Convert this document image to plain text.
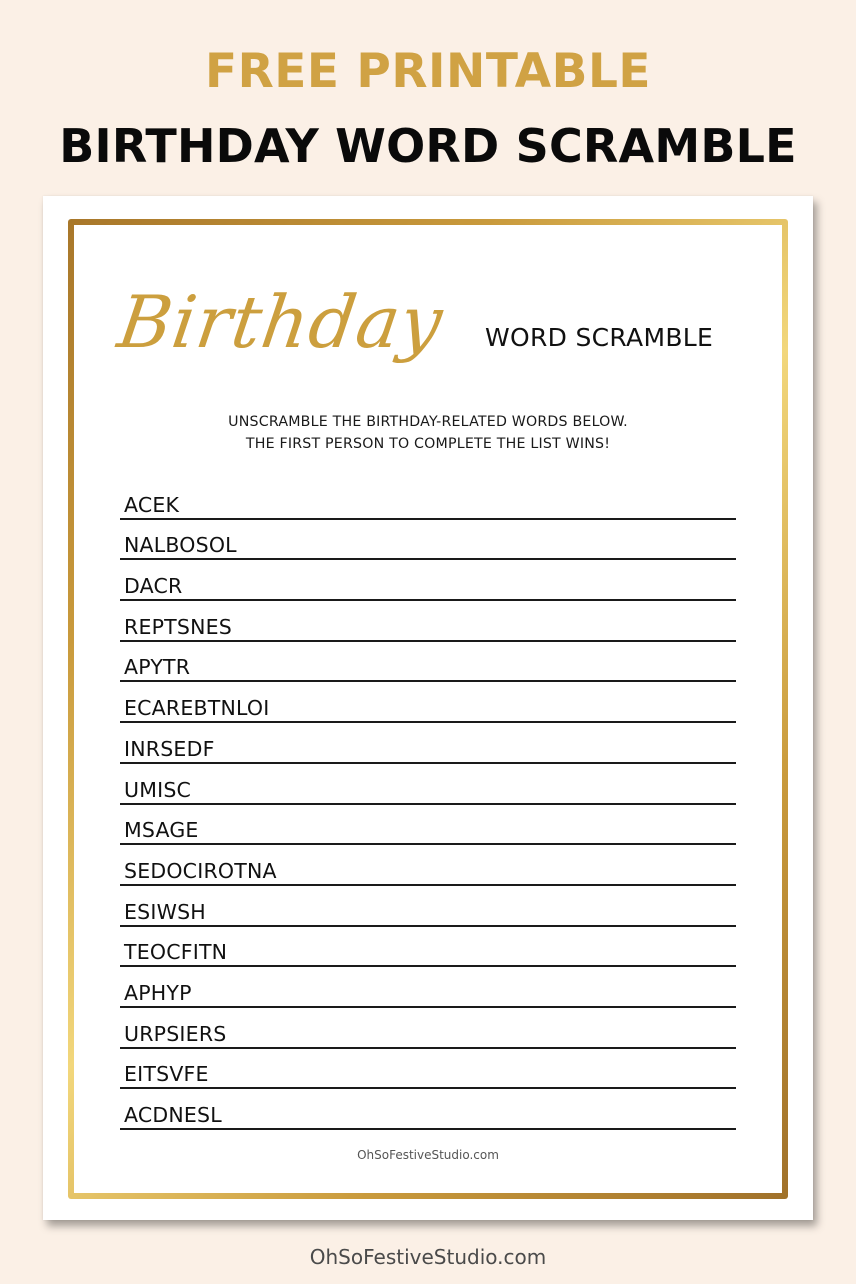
FREE PRINTABLE
BIRTHDAY WORD SCRAMBLE
Birthday WORD SCRAMBLE
UNSCRAMBLE THE BIRTHDAY-RELATED WORDS BELOW.
THE FIRST PERSON TO COMPLETE THE LIST WINS!
ACEK
NALBOSOL
DACR
REPTSNES
APYTR
ECAREBTNLOI
INRSEDF
UMISC
MSAGE
SEDOCIROTNA
ESIWSH
TEOCFITN
APHYP
URPSIERS
EITSVFE
ACDNESL
OhSoFestiveStudio.com
OhSoFestiveStudio.com
